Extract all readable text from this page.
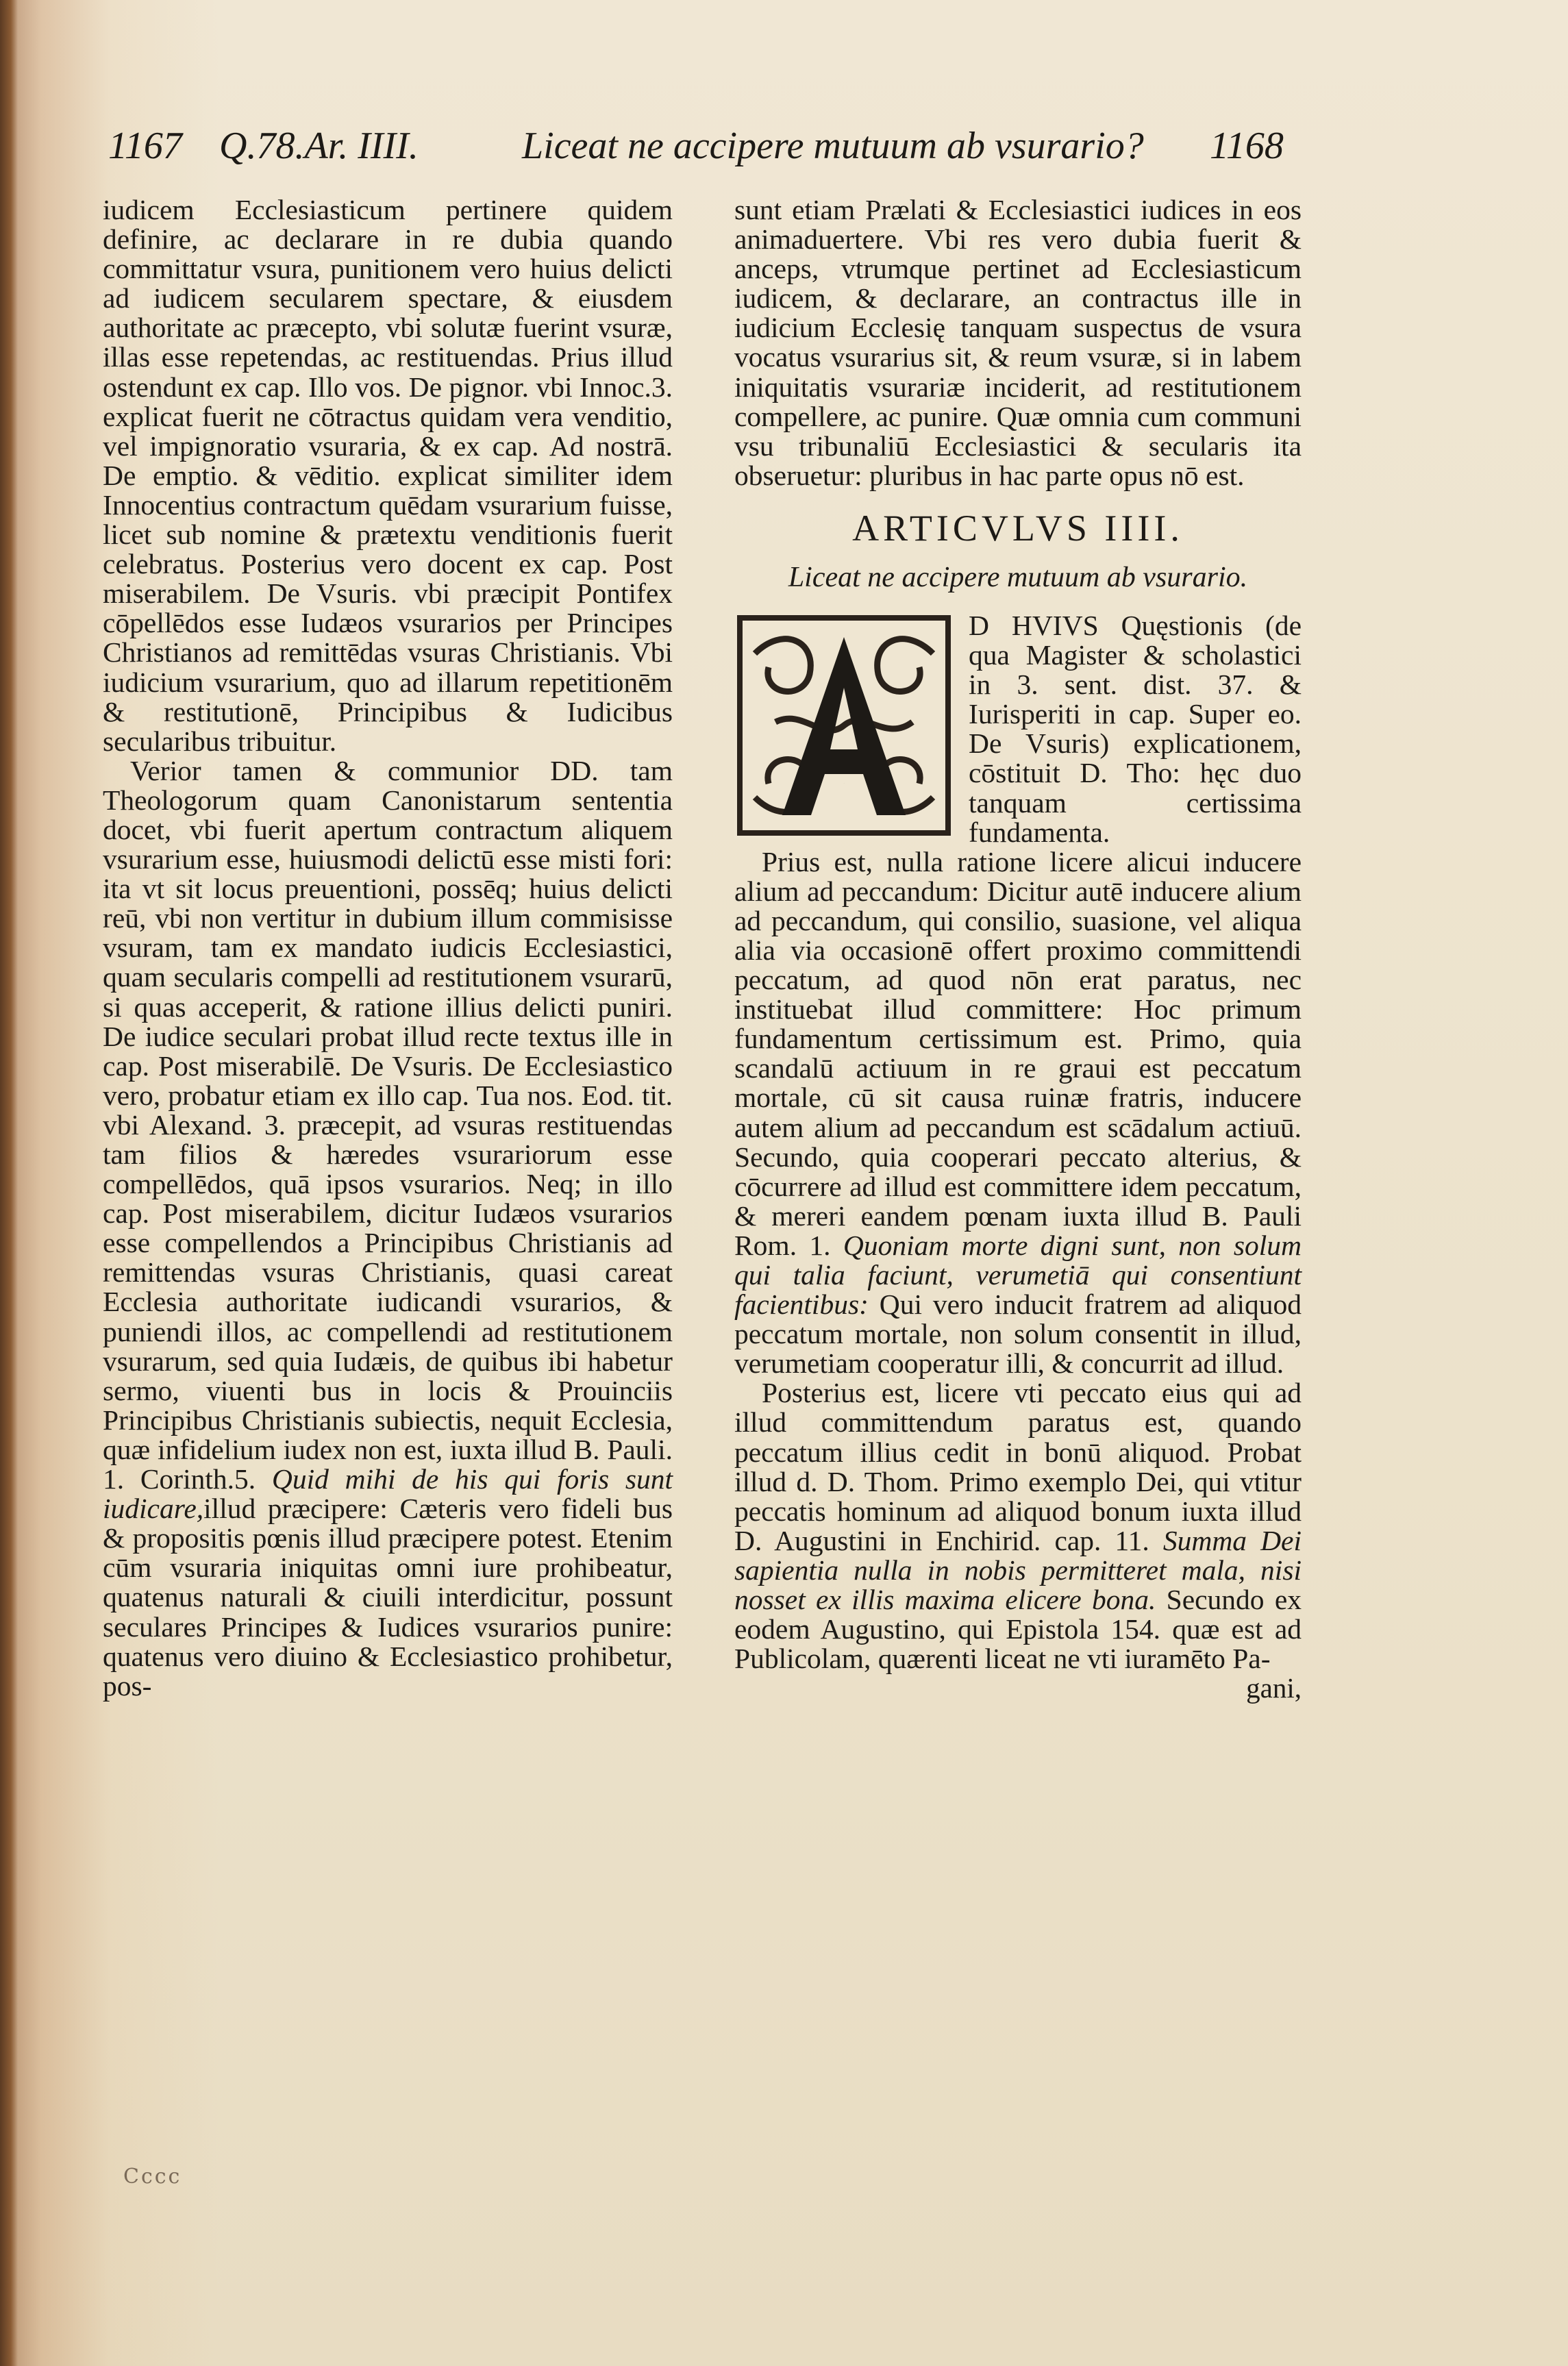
1167 Q.78.Ar. IIII.	Liceat ne accipere mutuum ab vsurario? 1168

iudicem Ecclesiasticum pertinere quidem definire, ac declarare in re dubia quando committatur vsura, punitionem vero huius delicti ad iudicem secularem spectare, & eiusdem authoritate ac præcepto, vbi solutæ fuerint vsuræ, illas esse repetendas, ac restituendas. Prius illud ostendunt ex cap. Illo vos. De pignor. vbi Innoc.3. explicat fuerit ne cōtractus quidam vera venditio, vel impignoratio vsuraria, & ex cap. Ad nostrā. De emptio. & vēditio. explicat similiter idem Innocentius contractum quēdam vsurarium fuisse, licet sub nomine & prætextu venditionis fuerit celebratus. Posterius vero docent ex cap. Post miserabilem. De Vsuris. vbi præcipit Pontifex cōpellēdos esse Iudæos vsurarios per Principes Christianos ad remittēdas vsuras Christianis. Vbi iudicium vsurarium, quo ad illarum repetitionēm & restitutionē, Principibus & Iudicibus secularibus tribuitur.

Verior tamen & communior DD. tam Theologorum quam Canonistarum sententia docet, vbi fuerit apertum contractum aliquem vsurarium esse, huiusmodi delictū esse misti fori: ita vt sit locus preuentioni, possēq; huius delicti reū, vbi non vertitur in dubium illum commisisse vsuram, tam ex mandato iudicis Ecclesiastici, quam secularis compelli ad restitutionem vsurarū, si quas acceperit, & ratione illius delicti puniri. De iudice seculari probat illud recte textus ille in cap. Post miserabilē. De Vsuris. De Ecclesiastico vero, probatur etiam ex illo cap. Tua nos. Eod. tit. vbi Alexand. 3. præcepit, ad vsuras restituendas tam filios & hæredes vsurariorum esse compellēdos, quā ipsos vsurarios. Neq; in illo cap. Post miserabilem, dicitur Iudæos vsurarios esse compellendos a Principibus Christianis ad remittendas vsuras Christianis, quasi careat Ecclesia authoritate iudicandi vsurarios, & puniendi illos, ac compellendi ad restitutionem vsurarum, sed quia Iudæis, de quibus ibi habetur sermo, viuenti bus in locis & Prouinciis Principibus Christianis subiectis, nequit Ecclesia, quæ infidelium iudex non est, iuxta illud B. Pauli. 1. Corinth.5. Quid mihi de his qui foris sunt iudicare,illud præcipere: Cæteris vero fideli bus & propositis pœnis illud præcipere potest. Etenim cūm vsuraria iniquitas omni iure prohibeatur, quatenus naturali & ciuili interdicitur, possunt seculares Principes & Iudices vsurarios punire: quatenus vero diuino & Ecclesiastico prohibetur, pos-

sunt etiam Prælati & Ecclesiastici iudices in eos animaduertere. Vbi res vero dubia fuerit & anceps, vtrumque pertinet ad Ecclesiasticum iudicem, & declarare, an contractus ille in iudicium Ecclesię tanquam suspectus de vsura vocatus vsurarius sit, & reum vsuræ, si in labem iniquitatis vsurariæ inciderit, ad restitutionem compellere, ac punire. Quæ omnia cum communi vsu tribunaliū Ecclesiastici & secularis ita obseruetur: pluribus in hac parte opus nō est.

ARTICVLVS IIII.
Liceat ne accipere mutuum ab vsurario.

A
D HVIVS Quęstionis (de qua Magister & scholastici in 3. sent. dist. 37. & Iurisperiti in cap. Super eo. De Vsuris) explicationem, cōstituit D. Tho: hęc duo tanquam certissima fundamenta.

Prius est, nulla ratione licere alicui inducere alium ad peccandum: Dicitur autē inducere alium ad peccandum, qui consilio, suasione, vel aliqua alia via occasionē offert proximo committendi peccatum, ad quod nōn erat paratus, nec instituebat illud committere: Hoc primum fundamentum certissimum est. Primo, quia scandalū actiuum in re graui est peccatum mortale, cū sit causa ruinæ fratris, inducere autem alium ad peccandum est scādalum actiuū. Secundo, quia cooperari peccato alterius, & cōcurrere ad illud est committere idem peccatum, & mereri eandem pœnam iuxta illud B. Pauli Rom. 1. Quoniam morte digni sunt, non solum qui talia faciunt, verumetiā qui consentiunt facientibus: Qui vero inducit fratrem ad aliquod peccatum mortale, non solum consentit in illud, verumetiam cooperatur illi, & concurrit ad illud.

Posterius est, licere vti peccato eius qui ad illud committendum paratus est, quando peccatum illius cedit in bonū aliquod. Probat illud d. D. Thom. Primo exemplo Dei, qui vtitur peccatis hominum ad aliquod bonum iuxta illud D. Augustini in Enchirid. cap. 11. Summa Dei sapientia nulla in nobis permitteret mala, nisi nosset ex illis maxima elicere bona. Secundo ex eodem Augustino, qui Epistola 154. quæ est ad Publicolam, quærenti liceat ne vti iuramēto Pa-

gani,
Cccc
